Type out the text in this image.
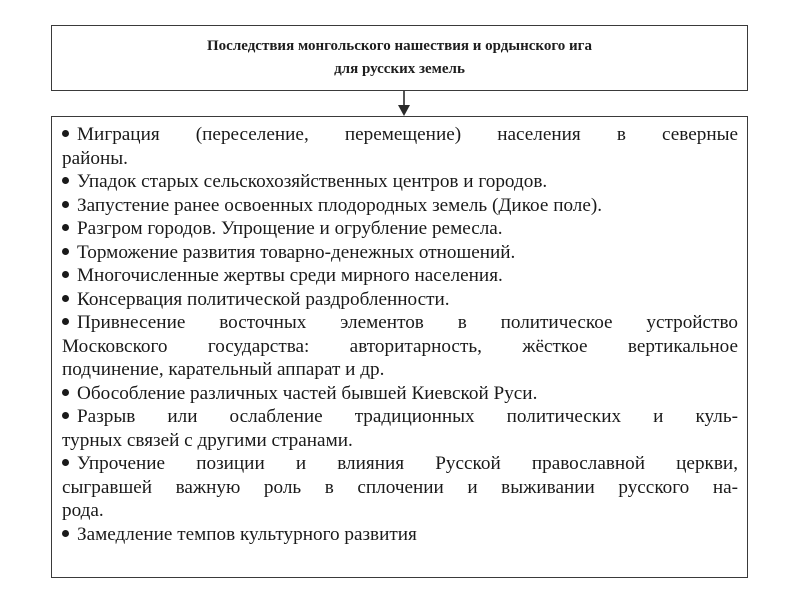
Последствия монгольского нашествия и ордынского ига
для русских земель
Миграция (переселение, перемещение) населения в северные
районы.
Упадок старых сельскохозяйственных центров и городов.
Запустение ранее освоенных плодородных земель (Дикое поле).
Разгром городов. Упрощение и огрубление ремесла.
Торможение развития товарно-денежных отношений.
Многочисленные жертвы среди мирного населения.
Консервация политической раздробленности.
Привнесение восточных элементов в политическое устройство
Московского государства: авторитарность, жёсткое вертикальное
подчинение, карательный аппарат и др.
Обособление различных частей бывшей Киевской Руси.
Разрыв или ослабление традиционных политических и куль-
турных связей с другими странами.
Упрочение позиции и влияния Русской православной церкви,
сыгравшей важную роль в сплочении и выживании русского на-
рода.
Замедление темпов культурного развития
